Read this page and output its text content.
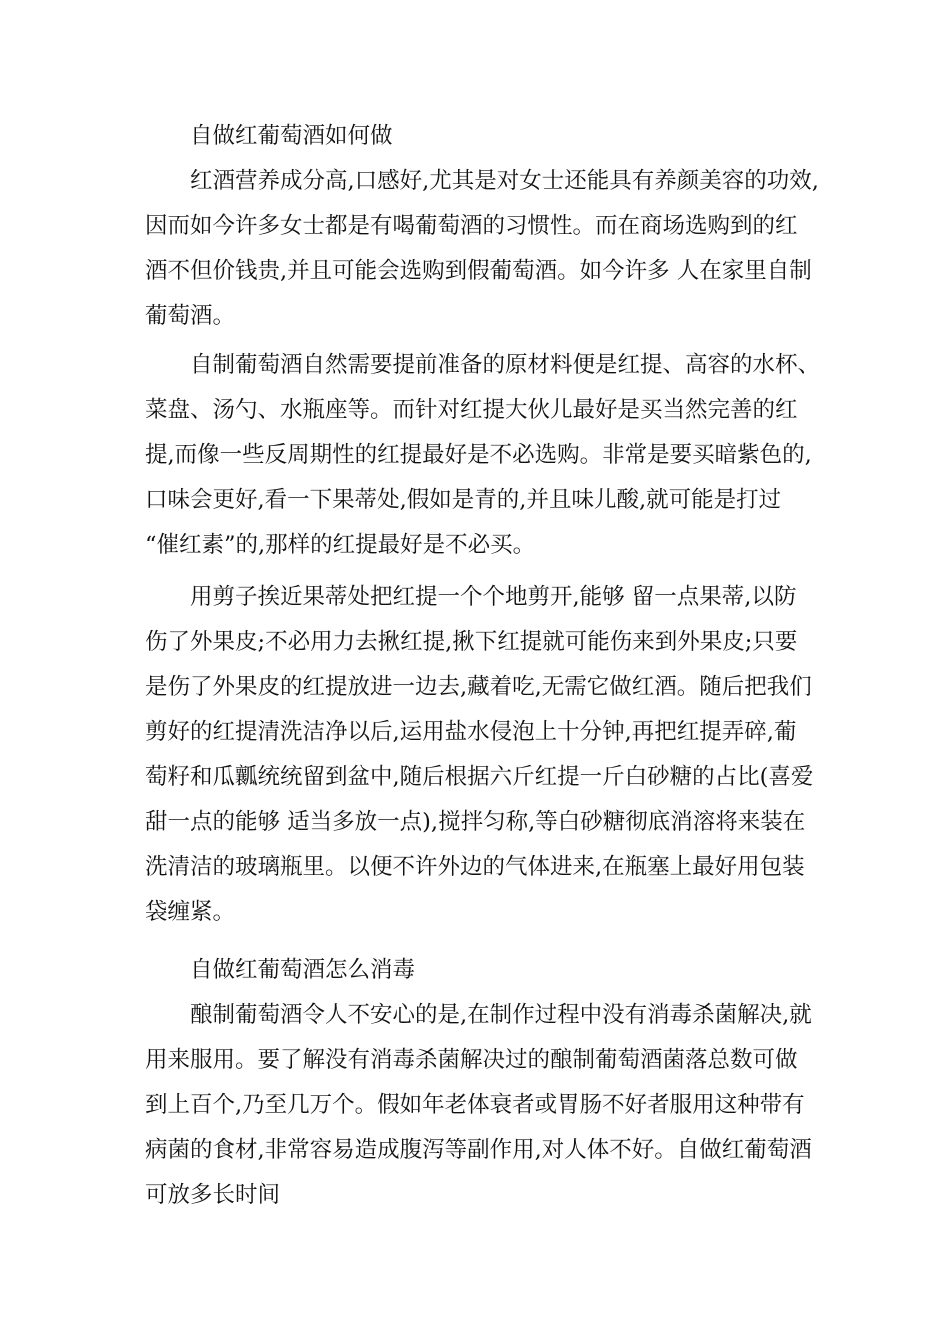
自做红葡萄酒如何做
红酒营养成分高,口感好,尤其是对女士还能具有养颜美容的功效,
因而如今许多女士都是有喝葡萄酒的习惯性。而在商场选购到的红
酒不但价钱贵,并且可能会选购到假葡萄酒。如今许多 人在家里自制
葡萄酒。
自制葡萄酒自然需要提前准备的原材料便是红提、高容的水杯、
菜盘、汤勺、水瓶座等。而针对红提大伙儿最好是买当然完善的红
提,而像一些反周期性的红提最好是不必选购。非常是要买暗紫色的,
口味会更好,看一下果蒂处,假如是青的,并且味儿酸,就可能是打过
“催红素”的,那样的红提最好是不必买。
用剪子挨近果蒂处把红提一个个地剪开,能够 留一点果蒂,以防
伤了外果皮;不必用力去揪红提,揪下红提就可能伤来到外果皮;只要
是伤了外果皮的红提放进一边去,藏着吃,无需它做红酒。随后把我们
剪好的红提清洗洁净以后,运用盐水侵泡上十分钟,再把红提弄碎,葡
萄籽和瓜瓤统统留到盆中,随后根据六斤红提一斤白砂糖的占比(喜爱
甜一点的能够 适当多放一点),搅拌匀称,等白砂糖彻底消溶将来装在
洗清洁的玻璃瓶里。以便不许外边的气体进来,在瓶塞上最好用包装
袋缠紧。
自做红葡萄酒怎么消毒
酿制葡萄酒令人不安心的是,在制作过程中没有消毒杀菌解决,就
用来服用。要了解没有消毒杀菌解决过的酿制葡萄酒菌落总数可做
到上百个,乃至几万个。假如年老体衰者或胃肠不好者服用这种带有
病菌的食材,非常容易造成腹泻等副作用,对人体不好。自做红葡萄酒
可放多长时间
